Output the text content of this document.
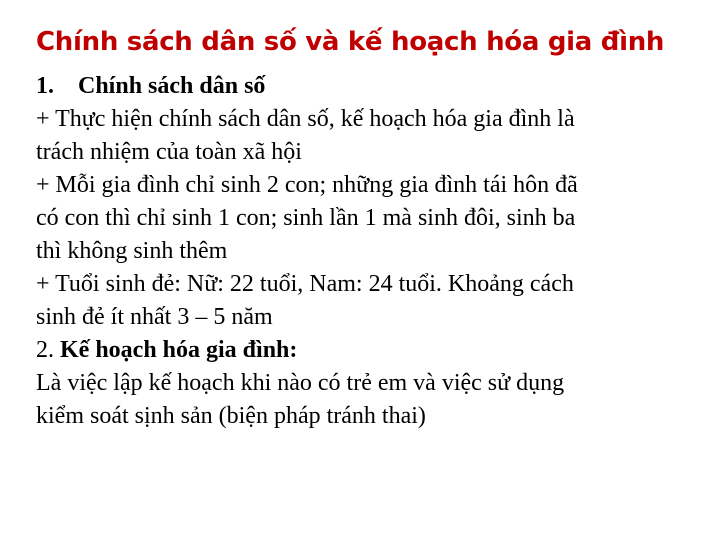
Chính sách dân số và kế hoạch hóa gia đình
1. Chính sách dân số
+ Thực hiện chính sách dân số, kế hoạch hóa gia đình là
trách nhiệm của toàn xã hội
+ Mỗi gia đình chỉ sinh 2 con; những gia đình tái hôn đã
có con thì chỉ sinh 1 con; sinh lần 1 mà sinh đôi, sinh ba
thì không sinh thêm
+ Tuổi sinh đẻ: Nữ: 22 tuổi, Nam: 24 tuổi. Khoảng cách
sinh đẻ ít nhất 3 – 5 năm
2. Kế hoạch hóa gia đình:
Là việc lập kế hoạch khi nào có trẻ em và việc sử dụng
kiểm soát sịnh sản (biện pháp tránh thai)
